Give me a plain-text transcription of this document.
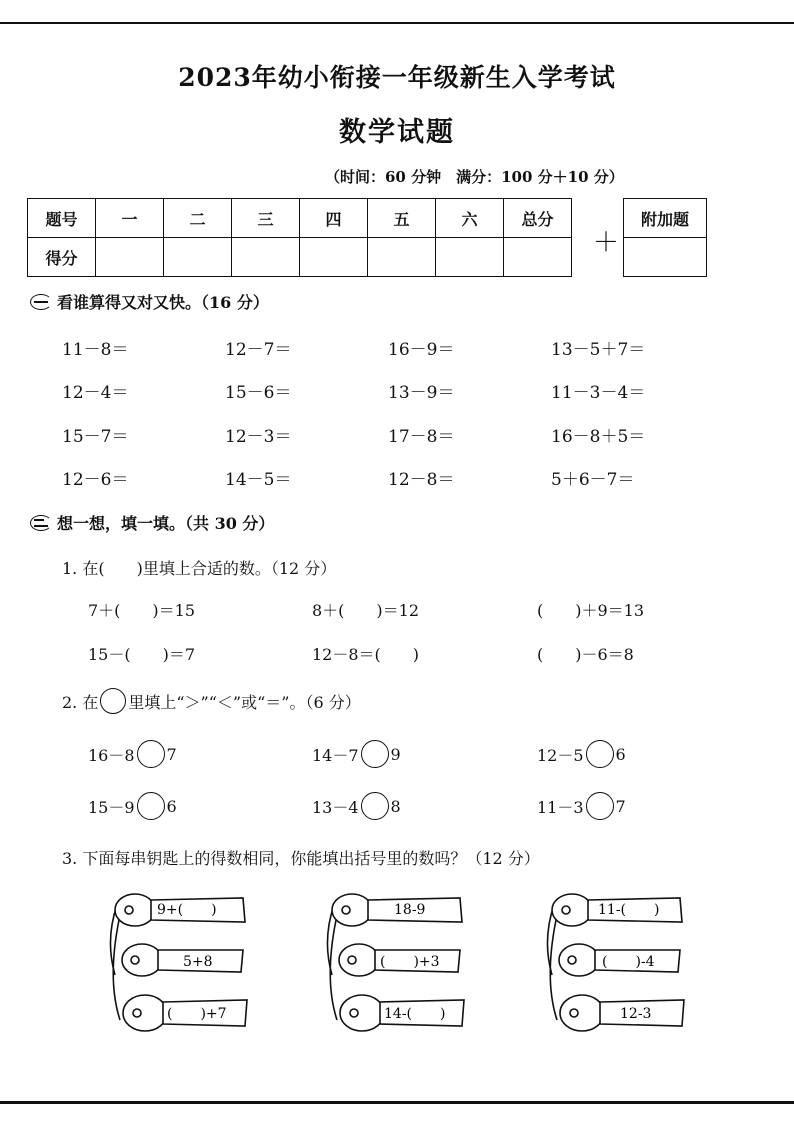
2023年幼小衔接一年级新生入学考试
数学试题
（时间：60 分钟　满分：100 分＋10 分）
题号	一	二	三	四	五	六	总分
得分								＋
附加题

看谁算得又对又快。（16 分）
11－8＝	12－7＝	16－9＝	13－5＋7＝
12－4＝	15－6＝	13－9＝	11－3－4＝
15－7＝	12－3＝	17－8＝	16－8＋5＝
12－6＝	14－5＝	12－8＝	5＋6－7＝
想一想，填一填。（共 30 分）
1. 在(　　)里填上合适的数。（12 分）
7＋(　　)＝15	8＋(　　)＝12	(　　)＋9＝13
15－(　　)＝7	12－8＝(　　)	(　　)－6＝8
2. 在 里填上“＞”“＜”或“＝”。（6 分）
16－8 7	14－7 9	12－5 6
15－9 6	13－4 8	11－3 7
3. 下面每串钥匙上的得数相同，你能填出括号里的数吗？（12 分）
9+(　　)
5+8
(　　)+7
18-9
(　　)+3
14-(　　)
11-(　　)
(　　)-4
12-3
